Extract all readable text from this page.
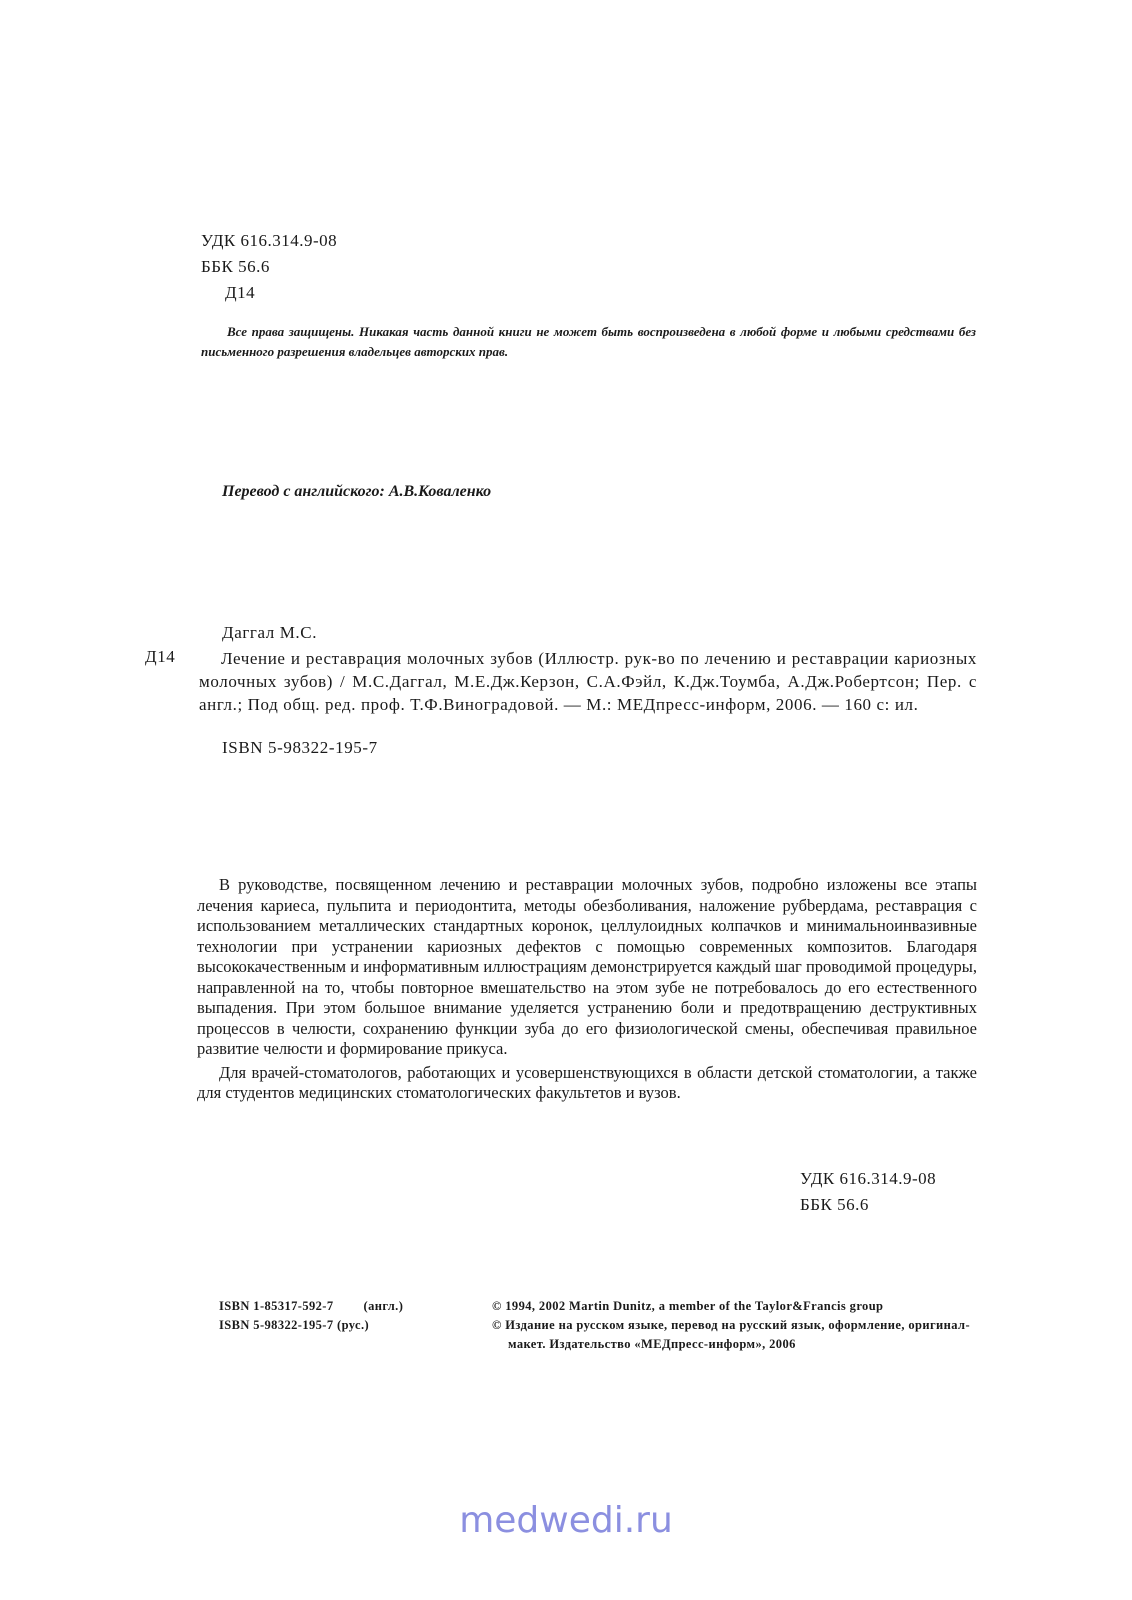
УДК 616.314.9-08
ББК 56.6
Д14
Все права защищены. Никакая часть данной книги не может быть воспроизведена в любой форме и любыми средствами без письменного разрешения владельцев авторских прав.
Перевод с английского: А.В.Коваленко
Даггал М.С.
Д14	Лечение и реставрация молочных зубов (Иллюстр. рук-во по лечению и реставрации кариозных молочных зубов) / М.С.Даггал, М.Е.Дж.Керзон, С.А.Фэйл, К.Дж.Тоумба, А.Дж.Робертсон; Пер. с англ.; Под общ. ред. проф. Т.Ф.Виноградовой. — М.: МЕДпресс-информ, 2006. — 160 с: ил.
ISBN 5-98322-195-7

В руководстве, посвященном лечению и реставрации молочных зубов, подробно изложены все этапы лечения кариеса, пульпита и периодонтита, методы обезболивания, наложение рубbердама, реставрация с использованием металлических стандартных коронок, целлулоидных колпачков и минимальноинвазивные технологии при устранении кариозных дефектов с помощью современных композитов. Благодаря высококачественным и информативным иллюстрациям демонстрируется каждый шаг проводимой процедуры, направленной на то, чтобы повторное вмешательство на этом зубе не потребовалось до его естественного выпадения. При этом большое внимание уделяется устранению боли и предотвращению деструктивных процессов в челюсти, сохранению функции зуба до его физиологической смены, обеспечивая правильное развитие челюсти и формирование прикуса.

Для врачей-стоматологов, работающих и усовершенствующихся в области детской стоматологии, а также для студентов медицинских стоматологических факультетов и вузов.

УДК 616.314.9-08
ББК 56.6
ISBN 1-85317-592-7 (англ.)
ISBN 5-98322-195-7 (рус.)

© 1994, 2002 Martin Dunitz, a member of the Taylor&Francis group

© Издание на русском языке, перевод на русский язык, оформление, оригинал-макет. Издательство «МЕДпресс-информ», 2006

medwedi.ru
